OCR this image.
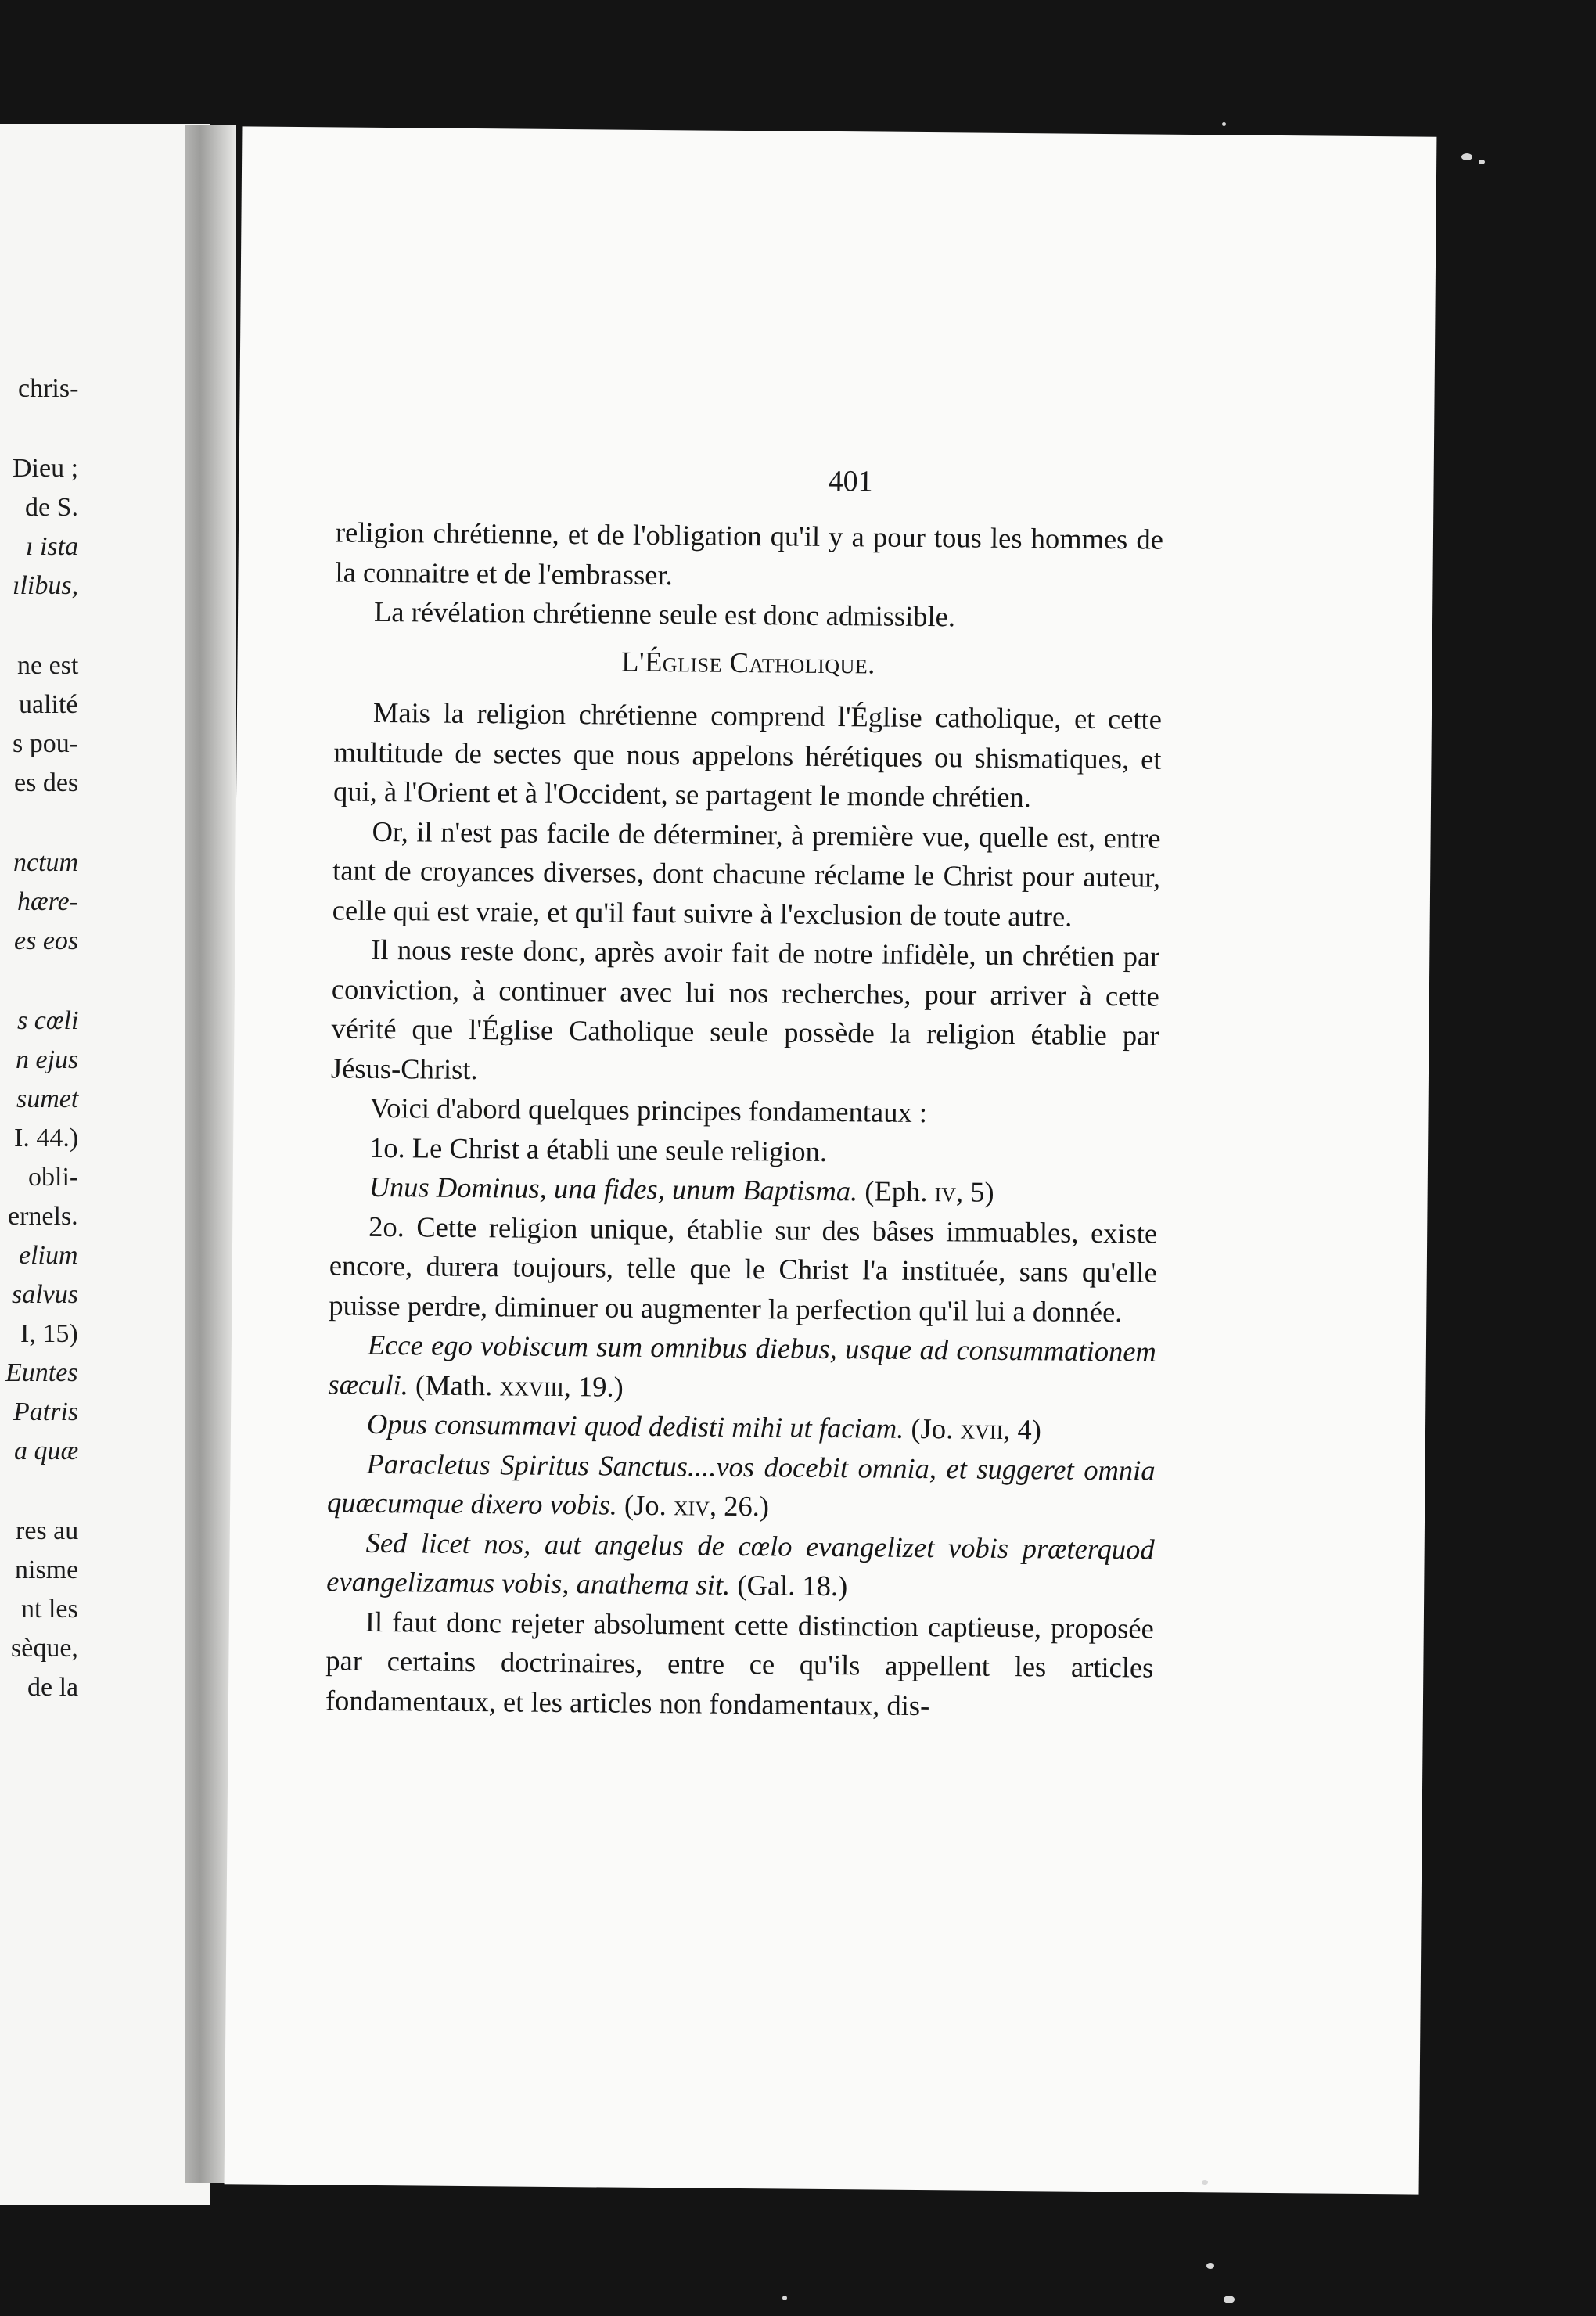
chris-
Dieu ;
de S.
ı ista
ılibus,
ne est
ualité
s pou-
es des
nctum
hære-
es eos
s cœli
n ejus
sumet
I. 44.)
obli-
ernels.
elium
salvus
I, 15)
Euntes
Patris
a quæ
res au
nisme
nt les
sèque,
de la
401

religion chrétienne, et de l'obligation qu'il y a pour tous les hommes de la connaitre et de l'embrasser.

La révélation chrétienne seule est donc admissible.

L'Église Catholique.

Mais la religion chrétienne comprend l'Église catholique, et cette multitude de sectes que nous appelons hérétiques ou shismatiques, et qui, à l'Orient et à l'Occident, se partagent le monde chrétien.

Or, il n'est pas facile de déterminer, à première vue, quelle est, entre tant de croyances diverses, dont chacune réclame le Christ pour auteur, celle qui est vraie, et qu'il faut suivre à l'exclusion de toute autre.

Il nous reste donc, après avoir fait de notre infidèle, un chrétien par conviction, à continuer avec lui nos recherches, pour arriver à cette vérité que l'Église Catholique seule possède la religion établie par Jésus-Christ.

Voici d'abord quelques principes fondamentaux :

1o. Le Christ a établi une seule religion.

Unus Dominus, una fides, unum Baptisma. (Eph. iv, 5)

2o. Cette religion unique, établie sur des bâses immuables, existe encore, durera toujours, telle que le Christ l'a instituée, sans qu'elle puisse perdre, diminuer ou augmenter la perfection qu'il lui a donnée.

Ecce ego vobiscum sum omnibus diebus, usque ad consummationem sæculi. (Math. xxviii, 19.)

Opus consummavi quod dedisti mihi ut faciam. (Jo. xvii, 4)

Paracletus Spiritus Sanctus....vos docebit omnia, et suggeret omnia quæcumque dixero vobis. (Jo. xiv, 26.)

Sed licet nos, aut angelus de cœlo evangelizet vobis præterquod evangelizamus vobis, anathema sit. (Gal. 18.)

Il faut donc rejeter absolument cette distinction captieuse, proposée par certains doctrinaires, entre ce qu'ils appellent les articles fondamentaux, et les articles non fondamentaux, dis-
